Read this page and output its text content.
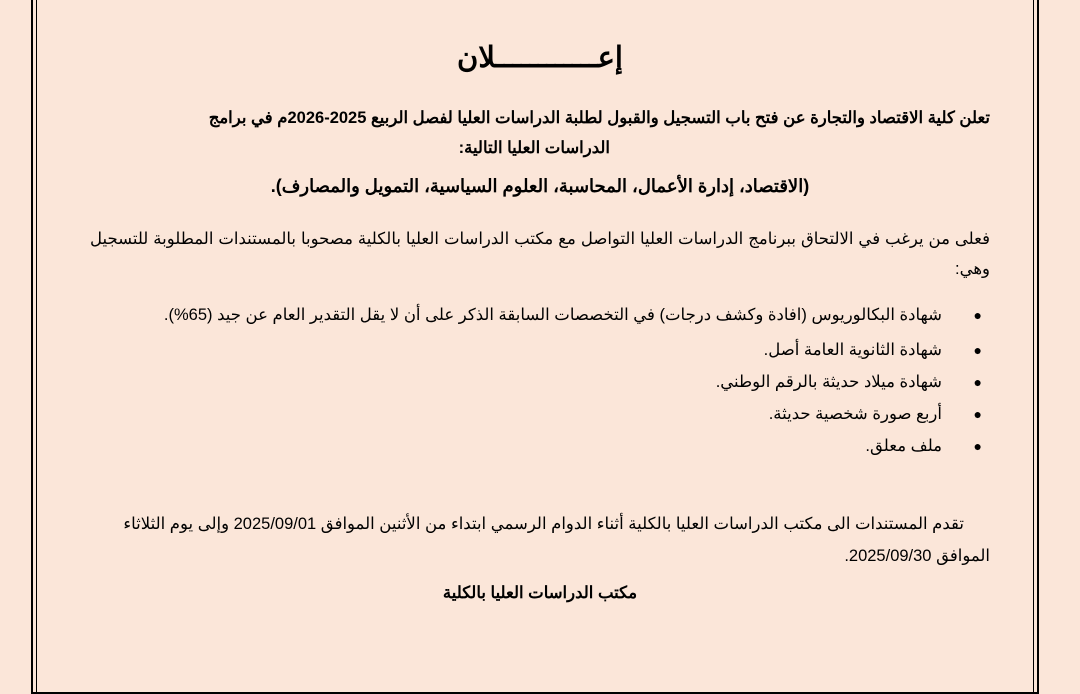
إعــــــــــــلان
تعلن كلية الاقتصاد والتجارة عن فتح باب التسجيل والقبول لطلبة الدراسات العليا لفصل الربيع 2025-2026م في برامج
الدراسات العليا التالية:
(الاقتصاد، إدارة الأعمال، المحاسبة، العلوم السياسية، التمويل والمصارف).
فعلى من يرغب في الالتحاق ببرنامج الدراسات العليا التواصل مع مكتب الدراسات العليا بالكلية مصحوبا بالمستندات المطلوبة للتسجيل وهي:
●
شهادة البكالوريوس (افادة وكشف درجات) في التخصصات السابقة الذكر على أن لا يقل التقدير العام عن جيد (65%).
●
شهادة الثانوية العامة أصل.
●
شهادة ميلاد حديثة بالرقم الوطني.
●
أربع صورة شخصية حديثة.
●
ملف معلق.
تقدم المستندات الى مكتب الدراسات العليا بالكلية أثناء الدوام الرسمي ابتداء من الأثنين الموافق 2025/09/01 وإلى يوم الثلاثاء الموافق 2025/09/30.
مكتب الدراسات العليا بالكلية
